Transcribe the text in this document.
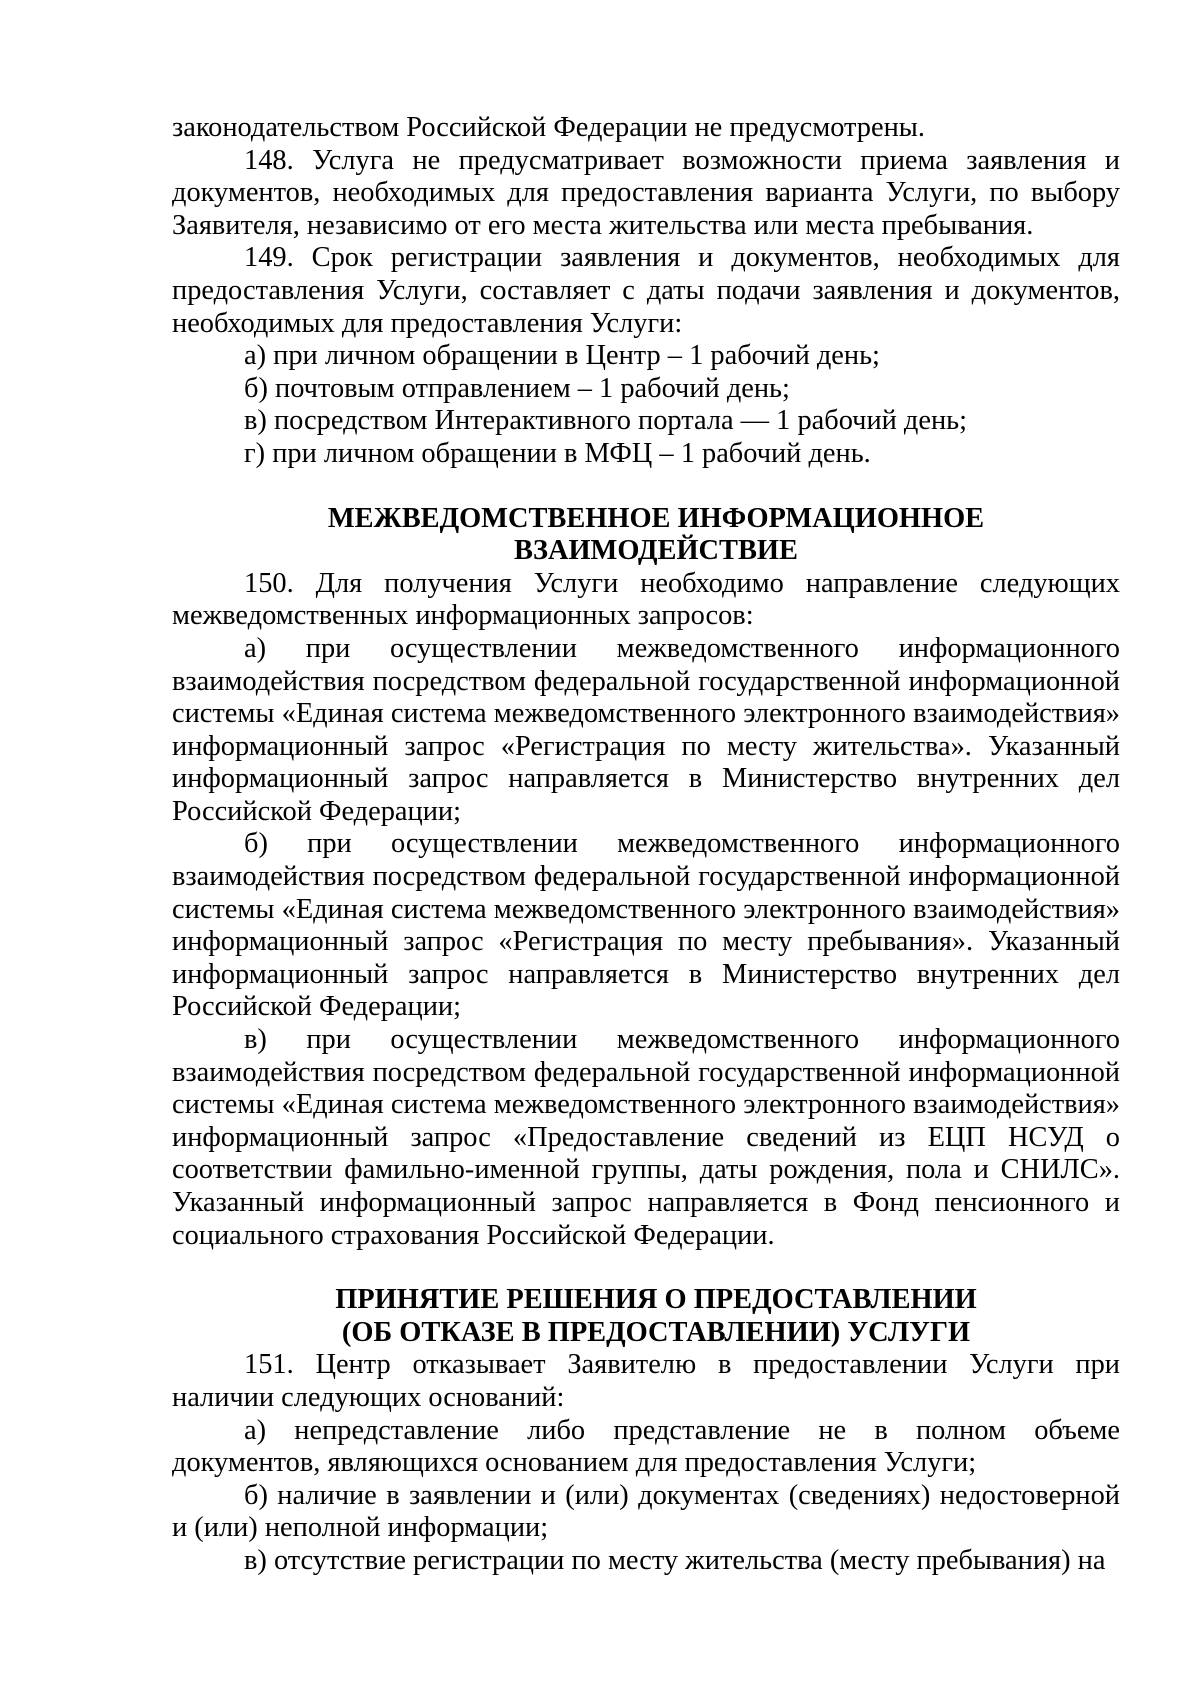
законодательством Российской Федерации не предусмотрены.

148. Услуга не предусматривает возможности приема заявления и документов, необходимых для предоставления варианта Услуги, по выбору Заявителя, независимо от его места жительства или места пребывания.

149. Срок регистрации заявления и документов, необходимых для предоставления Услуги, составляет с даты подачи заявления и документов, необходимых для предоставления Услуги:

а) при личном обращении в Центр – 1 рабочий день;

б) почтовым отправлением – 1 рабочий день;

в) посредством Интерактивного портала — 1 рабочий день;

г) при личном обращении в МФЦ – 1 рабочий день.

МЕЖВЕДОМСТВЕННОЕ ИНФОРМАЦИОННОЕ

ВЗАИМОДЕЙСТВИЕ

150. Для получения Услуги необходимо направление следующих межведомственных информационных запросов:

а) при осуществлении межведомственного информационного взаимодействия посредством федеральной государственной информационной системы «Единая система межведомственного электронного взаимодействия» информационный запрос «Регистрация по месту жительства». Указанный информационный запрос направляется в Министерство внутренних дел Российской Федерации;

б) при осуществлении межведомственного информационного взаимодействия посредством федеральной государственной информационной системы «Единая система межведомственного электронного взаимодействия» информационный запрос «Регистрация по месту пребывания». Указанный информационный запрос направляется в Министерство внутренних дел Российской Федерации;

в) при осуществлении межведомственного информационного взаимодействия посредством федеральной государственной информационной системы «Единая система межведомственного электронного взаимодействия» информационный запрос «Предоставление сведений из ЕЦП НСУД о соответствии фамильно-именной группы, даты рождения, пола и СНИЛС». Указанный информационный запрос направляется в Фонд пенсионного и социального страхования Российской Федерации.

ПРИНЯТИЕ РЕШЕНИЯ О ПРЕДОСТАВЛЕНИИ

(ОБ ОТКАЗЕ В ПРЕДОСТАВЛЕНИИ) УСЛУГИ

151. Центр отказывает Заявителю в предоставлении Услуги при наличии следующих оснований:

а) непредставление либо представление не в полном объеме документов, являющихся основанием для предоставления Услуги;

б) наличие в заявлении и (или) документах (сведениях) недостоверной и (или) неполной информации;

в) отсутствие регистрации по месту жительства (месту пребывания) на
